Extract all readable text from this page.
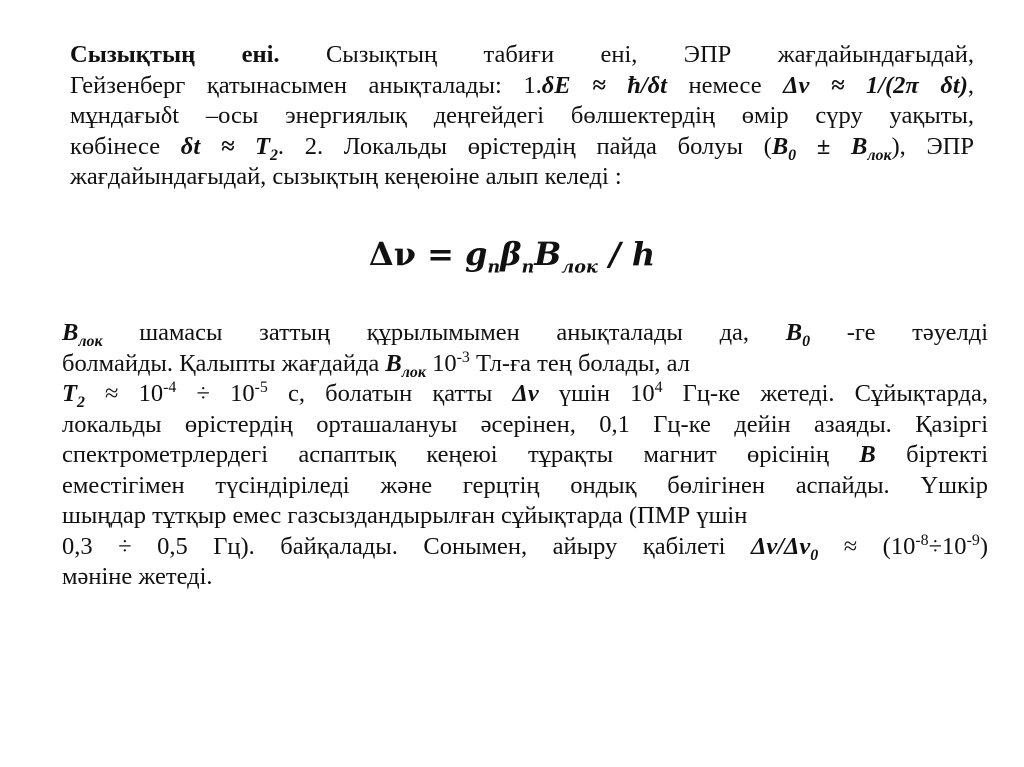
Сызықтың ені. Сызықтың табиғи ені, ЭПР жағдайындағыдай,
Гейзенберг қатынасымен анықталады: 1.δE ≈ ħ/δt немесе Δν ≈ 1/(2π δt),
мұндағыδt –осы энергиялық деңгейдегі бөлшектердің өмір сүру уақыты,
көбінесе $\delta t \approx T_2$. 2. Локальды өрістердің пайда болуы $(B_0 \pm B_{лок})$, ЭПР
жағдайындағыдай, сызықтың кеңеюіне алып келеді :
$\Delta\nu = g_n\beta_nB_{лок} / h$
$B_{лок}$ шамасы заттың құрылымымен анықталады да, $B_0$ -ге тәуелді
болмайды. Қалыпты жағдайда $B_{лок}$ $10^{-3}$ Тл-ға тең болады, ал
$T_2 \approx 10^{-4} \div 10^{-5}$ с, болатын қатты Δν үшін $10^4$ Гц-ке жетеді. Сұйықтарда,
локальды өрістердің орташалануы әсерінен, 0,1 Гц-ке дейін азаяды. Қазіргі
спектрометрлердегі аспаптық кеңеюі тұрақты магнит өрісінің B біртекті
еместігімен түсіндіріледі және герцтің ондық бөлігінен аспайды. Үшкір
шыңдар тұтқыр емес газсыздандырылған сұйықтарда (ПМР үшін
0,3 ÷ 0,5 Гц). байқалады. Сонымен, айыру қабілеті $\Delta\nu/\Delta\nu_0 \approx (10^{-8}\div 10^{-9})$
мәніне жетеді.
